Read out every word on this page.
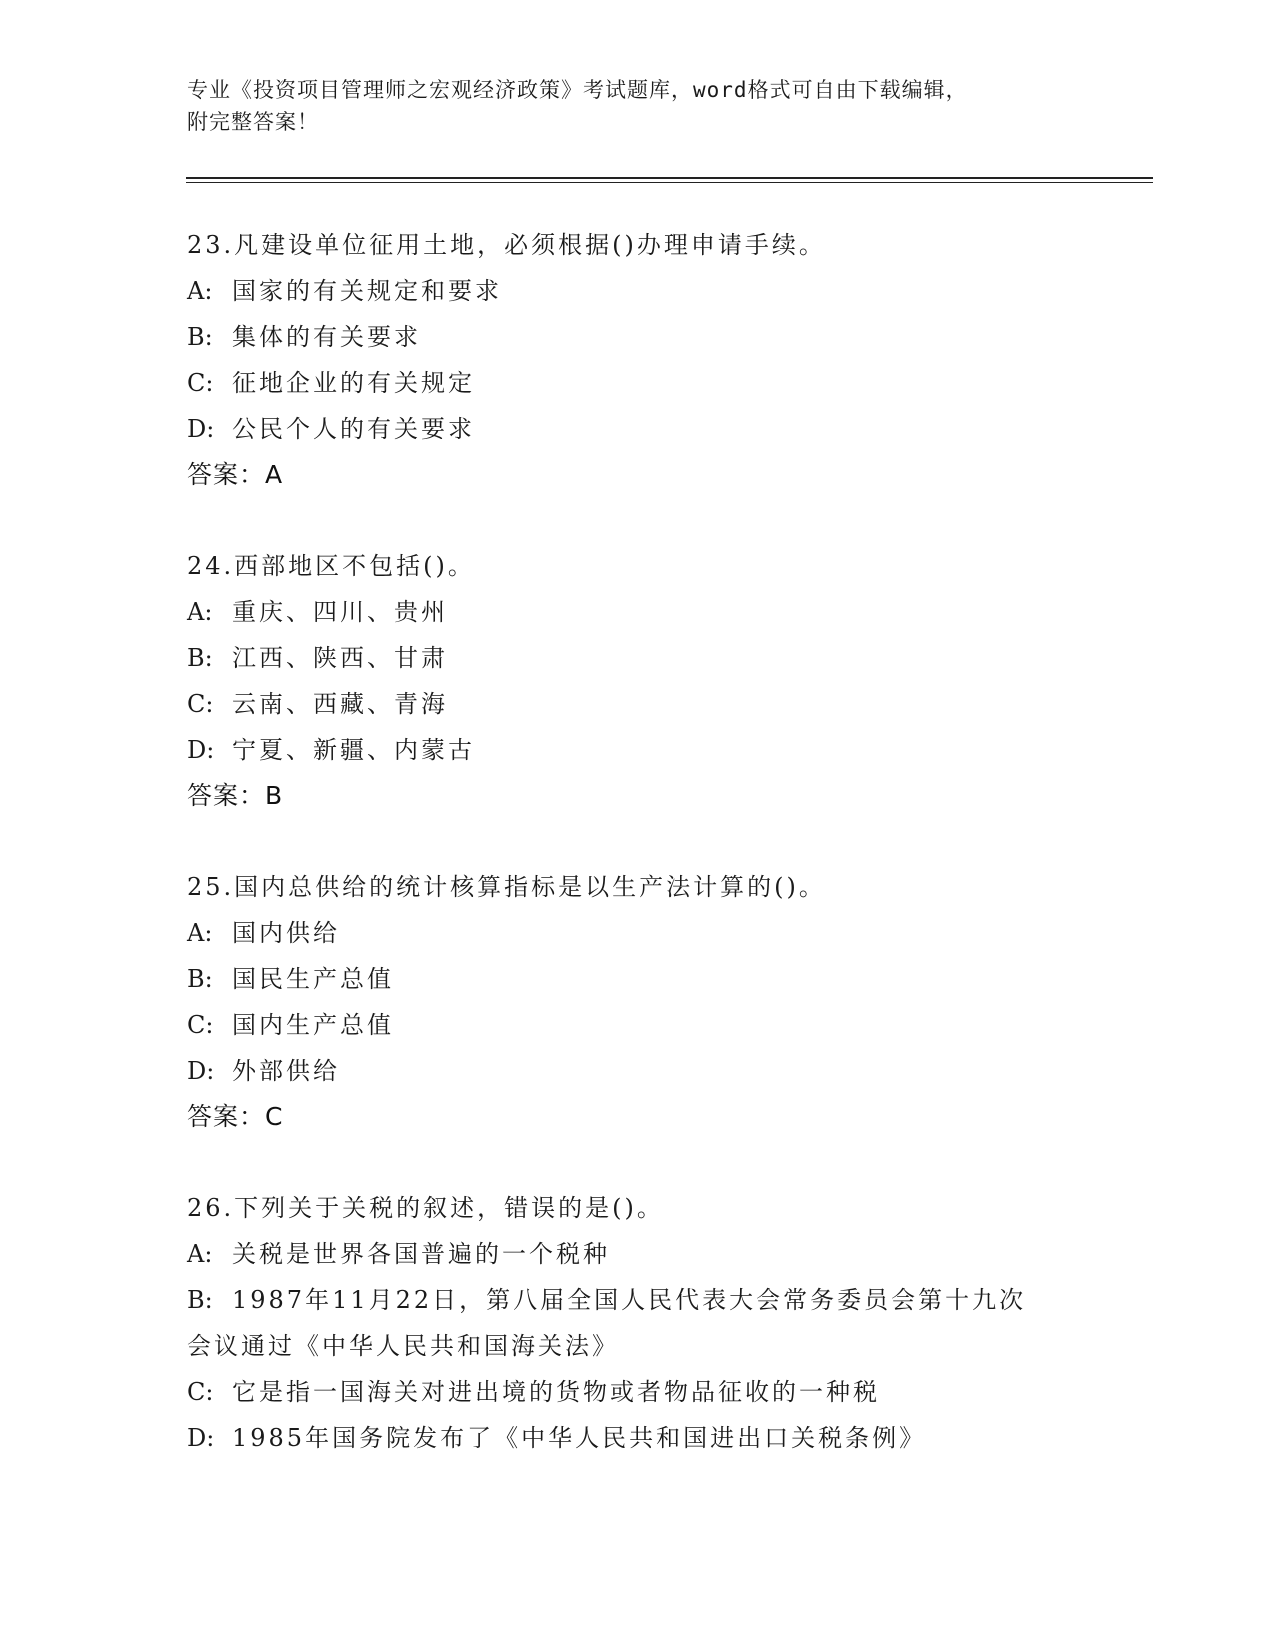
专业《投资项目管理师之宏观经济政策》考试题库，word格式可自由下载编辑，
附完整答案！
23.凡建设单位征用土地，必须根据()办理申请手续。
A: 国家的有关规定和要求
B: 集体的有关要求
C: 征地企业的有关规定
D: 公民个人的有关要求
答案：A
24.西部地区不包括()。
A: 重庆、四川、贵州
B: 江西、陕西、甘肃
C: 云南、西藏、青海
D: 宁夏、新疆、内蒙古
答案：B
25.国内总供给的统计核算指标是以生产法计算的()。
A: 国内供给
B: 国民生产总值
C: 国内生产总值
D: 外部供给
答案：C
26.下列关于关税的叙述，错误的是()。
A: 关税是世界各国普遍的一个税种
B: 1987年11月22日，第八届全国人民代表大会常务委员会第十九次
会议通过《中华人民共和国海关法》
C: 它是指一国海关对进出境的货物或者物品征收的一种税
D: 1985年国务院发布了《中华人民共和国进出口关税条例》
